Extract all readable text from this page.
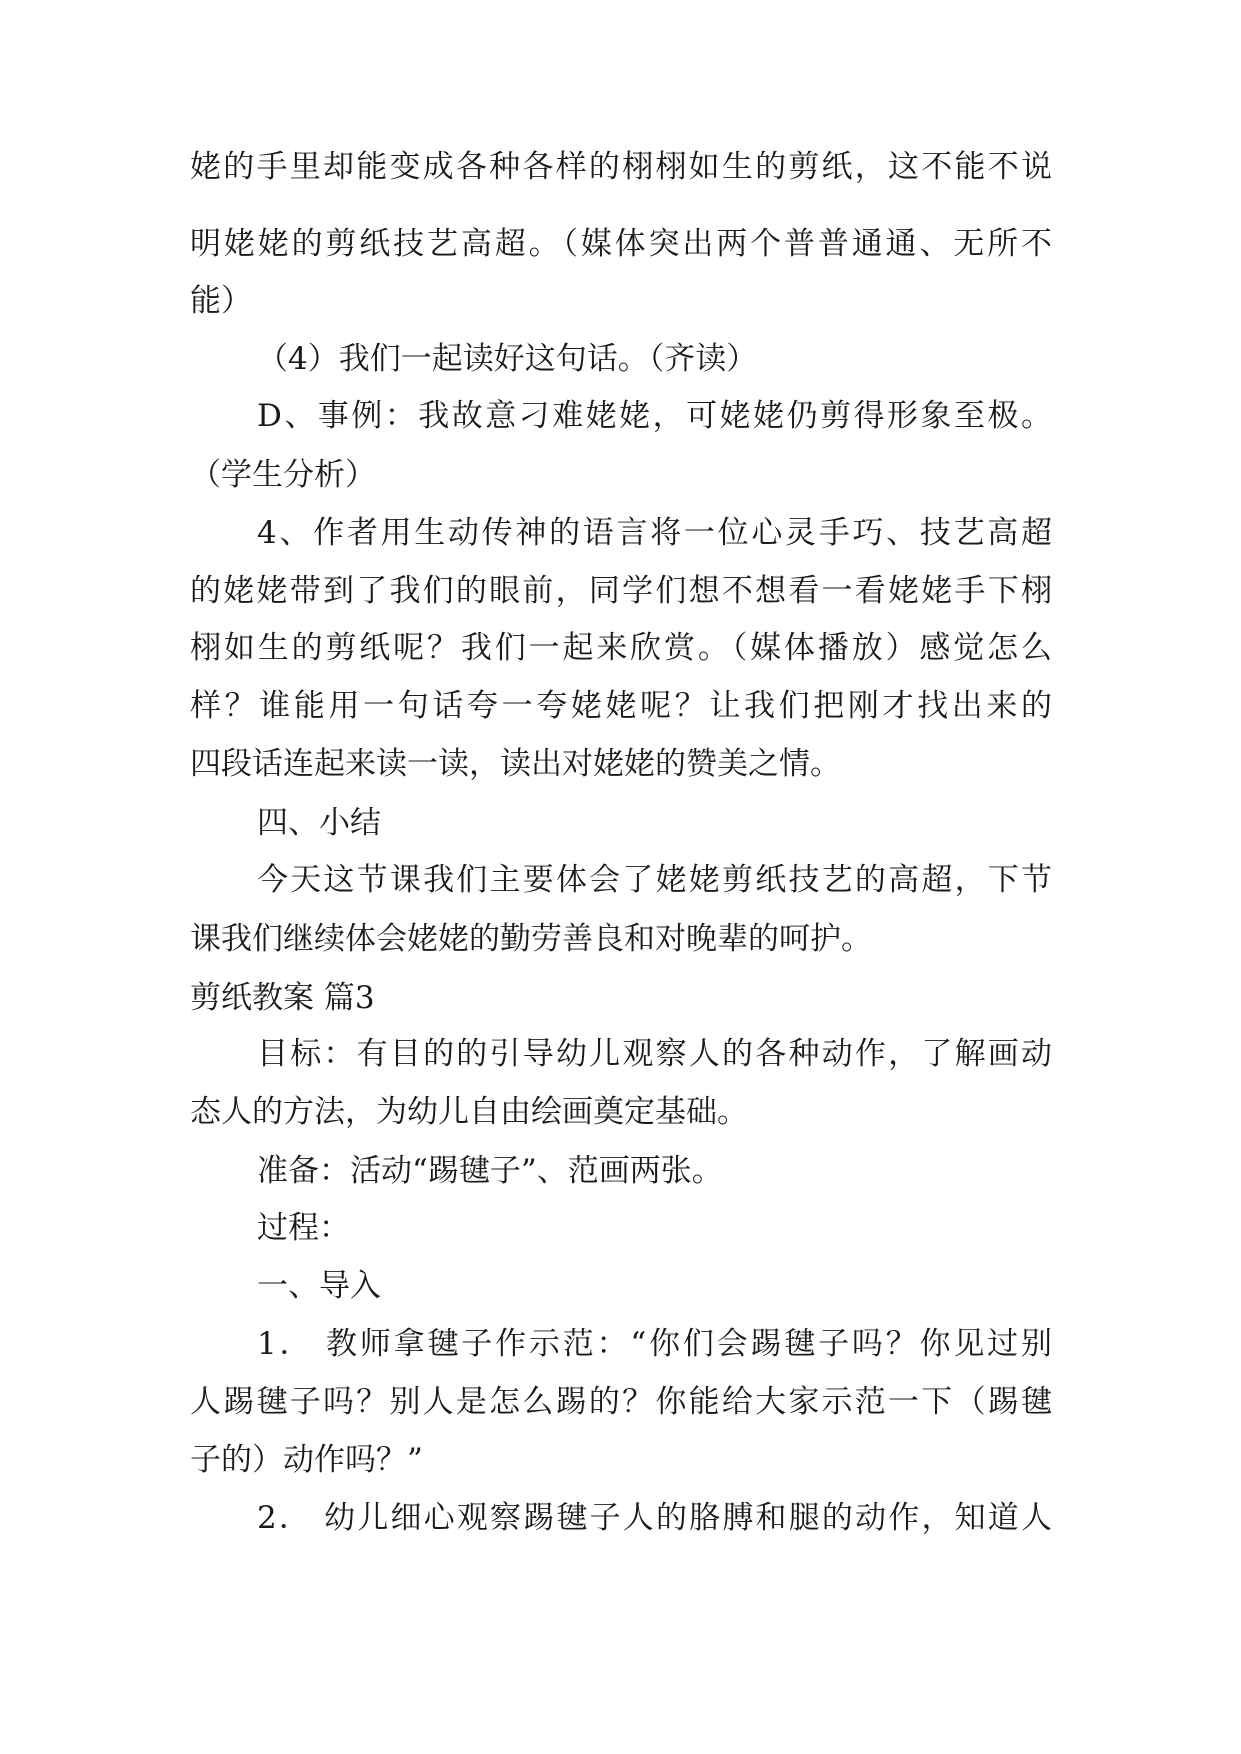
姥的手里却能变成各种各样的栩栩如生的剪纸，这不能不说
明姥姥的剪纸技艺高超。（媒体突出两个普普通通、无所不
能）
（4）我们一起读好这句话。（齐读）
D、事例：我故意刁难姥姥，可姥姥仍剪得形象至极。
（学生分析）
4、作者用生动传神的语言将一位心灵手巧、技艺高超
的姥姥带到了我们的眼前，同学们想不想看一看姥姥手下栩
栩如生的剪纸呢？我们一起来欣赏。（媒体播放）感觉怎么
样？谁能用一句话夸一夸姥姥呢？让我们把刚才找出来的
四段话连起来读一读，读出对姥姥的赞美之情。
四、小结
今天这节课我们主要体会了姥姥剪纸技艺的高超，下节
课我们继续体会姥姥的勤劳善良和对晚辈的呵护。
剪纸教案 篇3
目标：有目的的引导幼儿观察人的各种动作，了解画动
态人的方法，为幼儿自由绘画奠定基础。
准备：活动“踢毽子”、范画两张。
过程：
一、导入
1． 教师拿毽子作示范：“你们会踢毽子吗？你见过别
人踢毽子吗？别人是怎么踢的？你能给大家示范一下（踢毽
子的）动作吗？”
2． 幼儿细心观察踢毽子人的胳膊和腿的动作，知道人
